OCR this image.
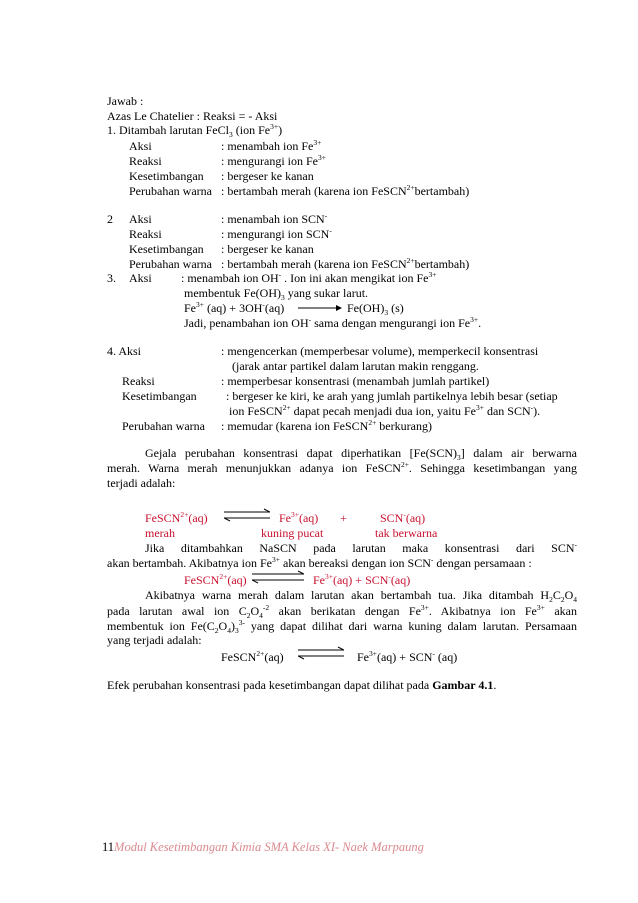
Jawab :
Azas Le Chatelier : Reaksi = - Aksi
1. Ditambah larutan FeCl$_3$ (ion $Fe^{3+}$)
Aksi	: menambah ion $Fe^{3+}$
Reaksi	: mengurangi ion $Fe^{3+}$
Kesetimbangan : bergeser ke kanan
Perubahan warna : bertambah merah (karena ion FeSCN$^{2+}$bertambah)
2 Aksi	: menambah ion SCN-
Reaksi	: mengurangi ion SCN-
Kesetimbangan : bergeser ke kanan
Perubahan warna : bertambah merah (karena ion FeSCN$^{2+}$bertambah)
3. Aksi : menambah ion OH- . Ion ini akan mengikat ion $Fe^{3+}$
membentuk $Fe(OH)_3$ yang sukar larut.
$Fe^{3+}$ $(aq) + 3OH^-(aq) \to Fe(OH)_3$ (s)
Jadi, penambahan ion OH- sama dengan mengurangi ion $Fe^{3+}$.
4. Aksi	: mengencerkan (memperbesar volume), memperkecil konsentrasi
(jarak antar partikel dalam larutan makin renggang.
Reaksi	: memperbesar konsentrasi (menambah jumlah partikel)
Kesetimbangan : bergeser ke kiri, ke arah yang jumlah partikelnya lebih besar (setiap
ion FeSCN$^{2+}$ dapat pecah menjadi dua ion, yaitu $Fe^{3+}$ dan SCN-).
Perubahan warna : memudar (karena ion FeSCN$^{2+}$ berkurang)
Gejala perubahan konsentrasi dapat diperhatikan $[Fe(SCN)_3]$ dalam air berwarna
merah. Warna merah menunjukkan adanya ion FeSCN$^{2+}$. Sehingga kesetimbangan yang
terjadi adalah:
FeSCN$^{2+}$(aq) ⇌ $Fe^{3+}(aq)$ +	SCN-(aq)
merah	kuning pucat	tak berwarna
Jika ditambahkan NaSCN pada larutan maka konsentrasi dari SCN-
akan bertambah. Akibatnya ion $Fe^{3+}$ akan bereaksi dengan ion SCN- dengan persamaan :
FeSCN$^{2+}$(aq) ⇌ $Fe^{3+}(aq) + SCN^-(aq)$
Akibatnya warna merah dalam larutan akan bertambah tua. Jika ditambah $H_2C_2O_4$
pada larutan awal ion $C_2O_4^{-2}$ akan berikatan dengan $Fe^{3+}$. Akibatnya ion $Fe^{3+}$ akan
membentuk ion $Fe(C_2O_4)_3^{3-}$ yang dapat dilihat dari warna kuning dalam larutan. Persamaan
yang terjadi adalah:
FeSCN$^{2+}$(aq) ⇌ $Fe^{3+}(aq) + SCN^-$ (aq)
Efek perubahan konsentrasi pada kesetimbangan dapat dilihat pada Gambar 4.1.
11Modul Kesetimbangan Kimia SMA Kelas XI- Naek Marpaung
